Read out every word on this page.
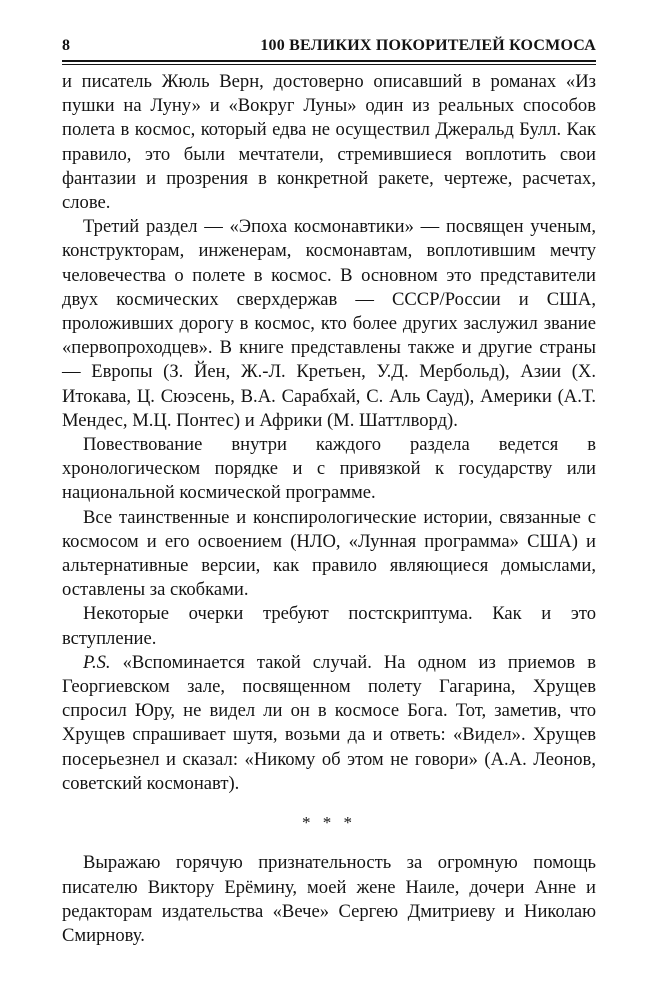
8	100 ВЕЛИКИХ ПОКОРИТЕЛЕЙ КОСМОСА

и писатель Жюль Верн, достоверно описавший в романах «Из пушки на Луну» и «Вокруг Луны» один из реальных способов полета в космос, который едва не осуществил Джеральд Булл. Как правило, это были мечтатели, стремившиеся воплотить свои фантазии и прозрения в конкретной ракете, чертеже, расчетах, слове.

Третий раздел — «Эпоха космонавтики» — посвящен ученым, конструкторам, инженерам, космонавтам, воплотившим мечту человечества о полете в космос. В основном это представители двух космических сверхдержав — СССР/России и США, проложивших дорогу в космос, кто более других заслужил звание «первопроходцев». В книге представлены также и другие страны — Европы (З. Йен, Ж.-Л. Кретьен, У.Д. Мербольд), Азии (Х. Итокава, Ц. Сюэсень, В.А. Сарабхай, С. Аль Сауд), Америки (А.Т. Мендес, М.Ц. Понтес) и Африки (М. Шаттлворд).

Повествование внутри каждого раздела ведется в хронологическом порядке и с привязкой к государству или национальной космической программе.

Все таинственные и конспирологические истории, связанные с космосом и его освоением (НЛО, «Лунная программа» США) и альтернативные версии, как правило являющиеся домыслами, оставлены за скобками.

Некоторые очерки требуют постскриптума. Как и это вступление.

P.S. «Вспоминается такой случай. На одном из приемов в Георгиевском зале, посвященном полету Гагарина, Хрущев спросил Юру, не видел ли он в космосе Бога. Тот, заметив, что Хрущев спрашивает шутя, возьми да и ответь: «Видел». Хрущев посерьезнел и сказал: «Никому об этом не говори» (А.А. Леонов, советский космонавт).

* * *

Выражаю горячую признательность за огромную помощь писателю Виктору Ерёмину, моей жене Наиле, дочери Анне и редакторам издательства «Вече» Сергею Дмитриеву и Николаю Смирнову.
